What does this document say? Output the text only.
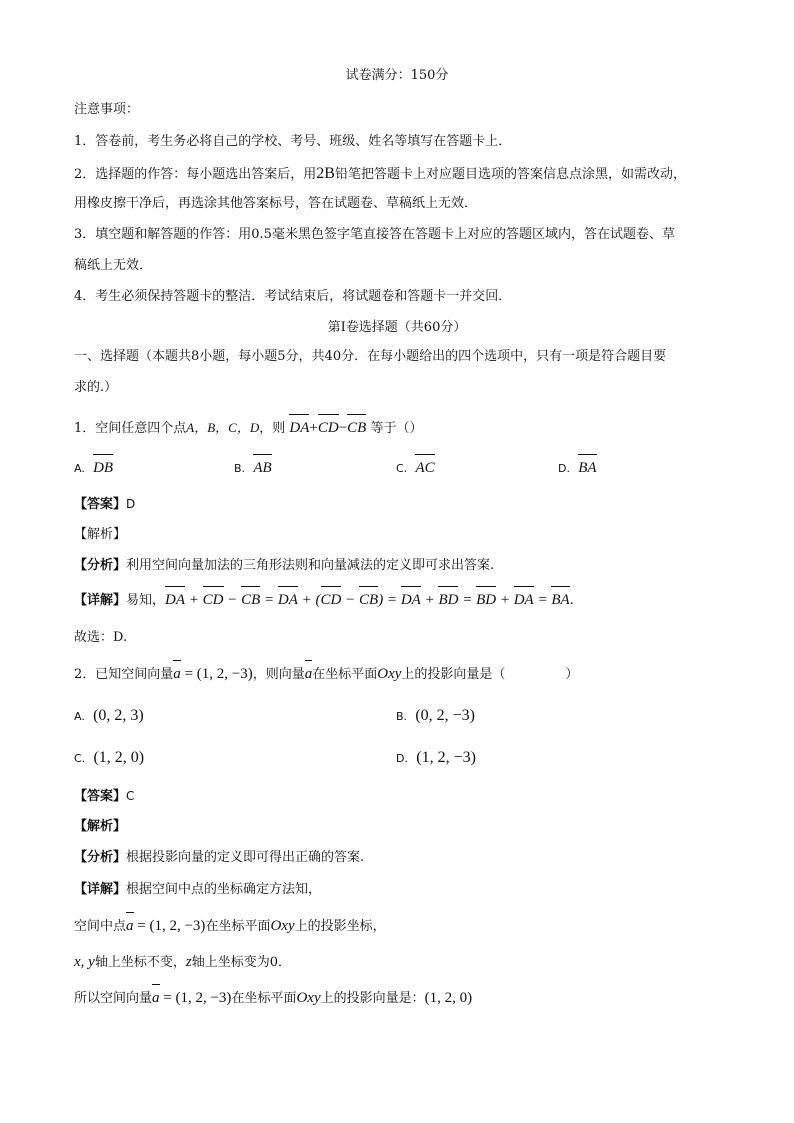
试卷满分：150分
注意事项：
1．答卷前，考生务必将自己的学校、考号、班级、姓名等填写在答题卡上．
2．选择题的作答：每小题选出答案后，用2B铅笔把答题卡上对应题目选项的答案信息点涂黑，如需改动，
用橡皮擦干净后，再选涂其他答案标号，答在试题卷、草稿纸上无效．
3．填空题和解答题的作答：用0.5毫米黑色签字笔直接答在答题卡上对应的答题区域内，答在试题卷、草
稿纸上无效．
4．考生必须保持答题卡的整洁．考试结束后，将试题卷和答题卡一并交回．
第Ⅰ卷选择题（共60分）
一、选择题（本题共8小题，每小题5分，共40分．在每小题给出的四个选项中，只有一项是符合题目要
求的.）
1．空间任意四个点A，B，C，D，则 DA+CD−CB 等于（）
A. DB	B. AB	C. AC	D. BA
【答案】D
【解析】
【分析】利用空间向量加法的三角形法则和向量减法的定义即可求出答案.
【详解】易知，DA + CD − CB = DA + (CD − CB) = DA + BD = BD + DA = BA.
故选：D.
2．已知空间向量a = (1, 2, −3)，则向量a在坐标平面Oxy上的投影向量是（	）
A. (0, 2, 3)	B. (0, 2, −3)
C. (1, 2, 0)	D. (1, 2, −3)
【答案】C
【解析】
【分析】根据投影向量的定义即可得出正确的答案.
【详解】根据空间中点的坐标确定方法知，
空间中点a = (1, 2, −3)在坐标平面Oxy上的投影坐标，
x, y轴上坐标不变，z轴上坐标变为0．
所以空间向量a = (1, 2, −3)在坐标平面Oxy上的投影向量是：(1, 2, 0)
